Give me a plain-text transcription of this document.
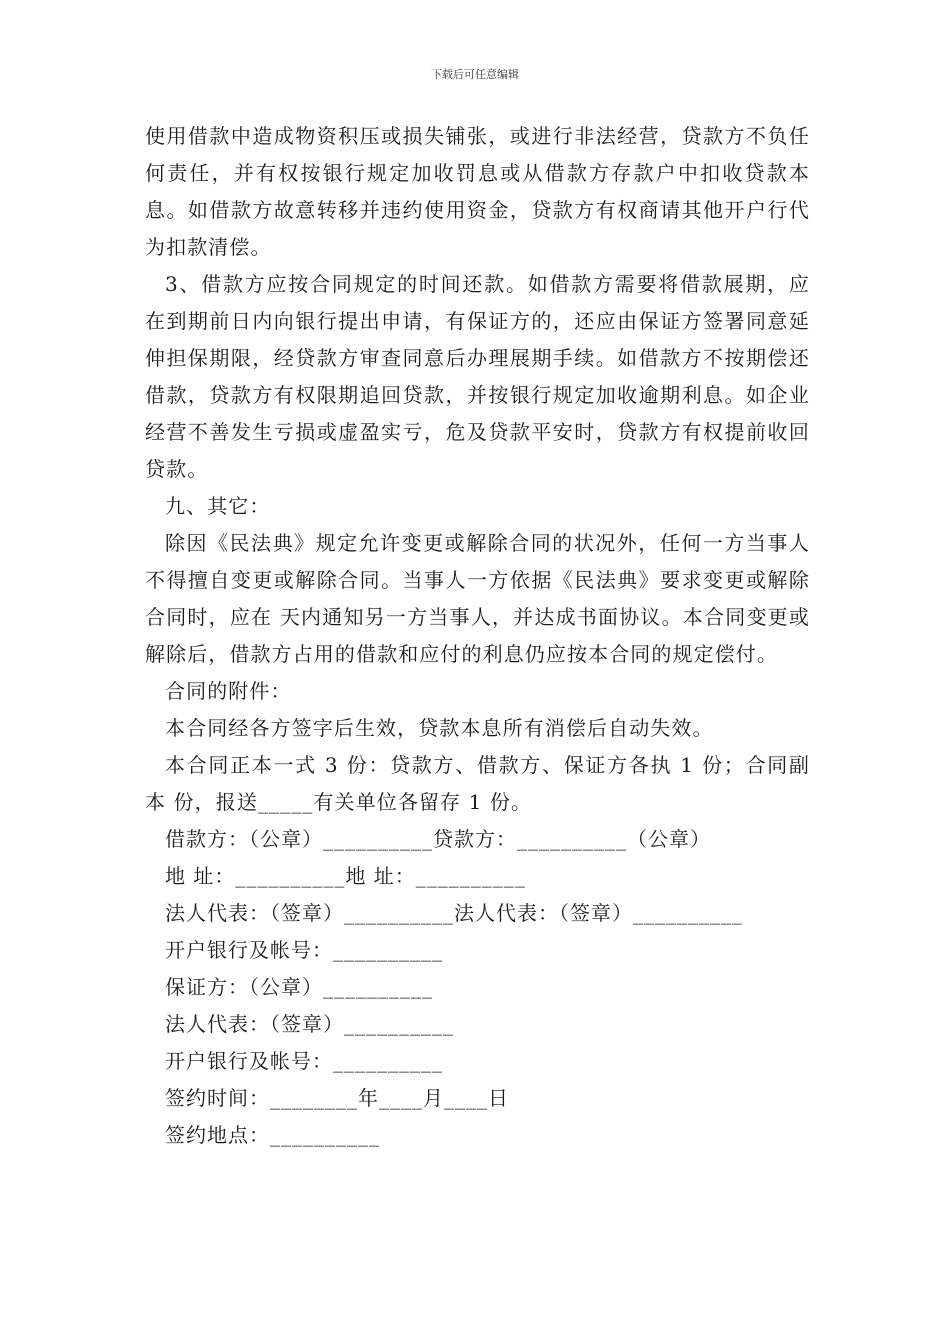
下载后可任意编辑

使用借款中造成物资积压或损失铺张，或进行非法经营，贷款方不负任何责任，并有权按银行规定加收罚息或从借款方存款户中扣收贷款本息。如借款方故意转移并违约使用资金，贷款方有权商请其他开户行代为扣款清偿。

3、借款方应按合同规定的时间还款。如借款方需要将借款展期，应在到期前日内向银行提出申请，有保证方的，还应由保证方签署同意延伸担保期限，经贷款方审查同意后办理展期手续。如借款方不按期偿还借款，贷款方有权限期追回贷款，并按银行规定加收逾期利息。如企业经营不善发生亏损或虚盈实亏，危及贷款平安时，贷款方有权提前收回贷款。

九、其它：

除因《民法典》规定允许变更或解除合同的状况外，任何一方当事人不得擅自变更或解除合同。当事人一方依据《民法典》要求变更或解除合同时，应在 天内通知另一方当事人，并达成书面协议。本合同变更或解除后，借款方占用的借款和应付的利息仍应按本合同的规定偿付。

合同的附件：

本合同经各方签字后生效，贷款本息所有消偿后自动失效。

本合同正本一式 3 份：贷款方、借款方、保证方各执 1 份；合同副本 份，报送_____有关单位各留存 1 份。

借款方：（公章）__________贷款方：__________（公章）

地 址：__________地 址：__________

法人代表：（签章）__________法人代表：（签章）__________

开户银行及帐号：__________

保证方：（公章）__________

法人代表：（签章）__________

开户银行及帐号：__________

签约时间：________年____月____日

签约地点：__________
